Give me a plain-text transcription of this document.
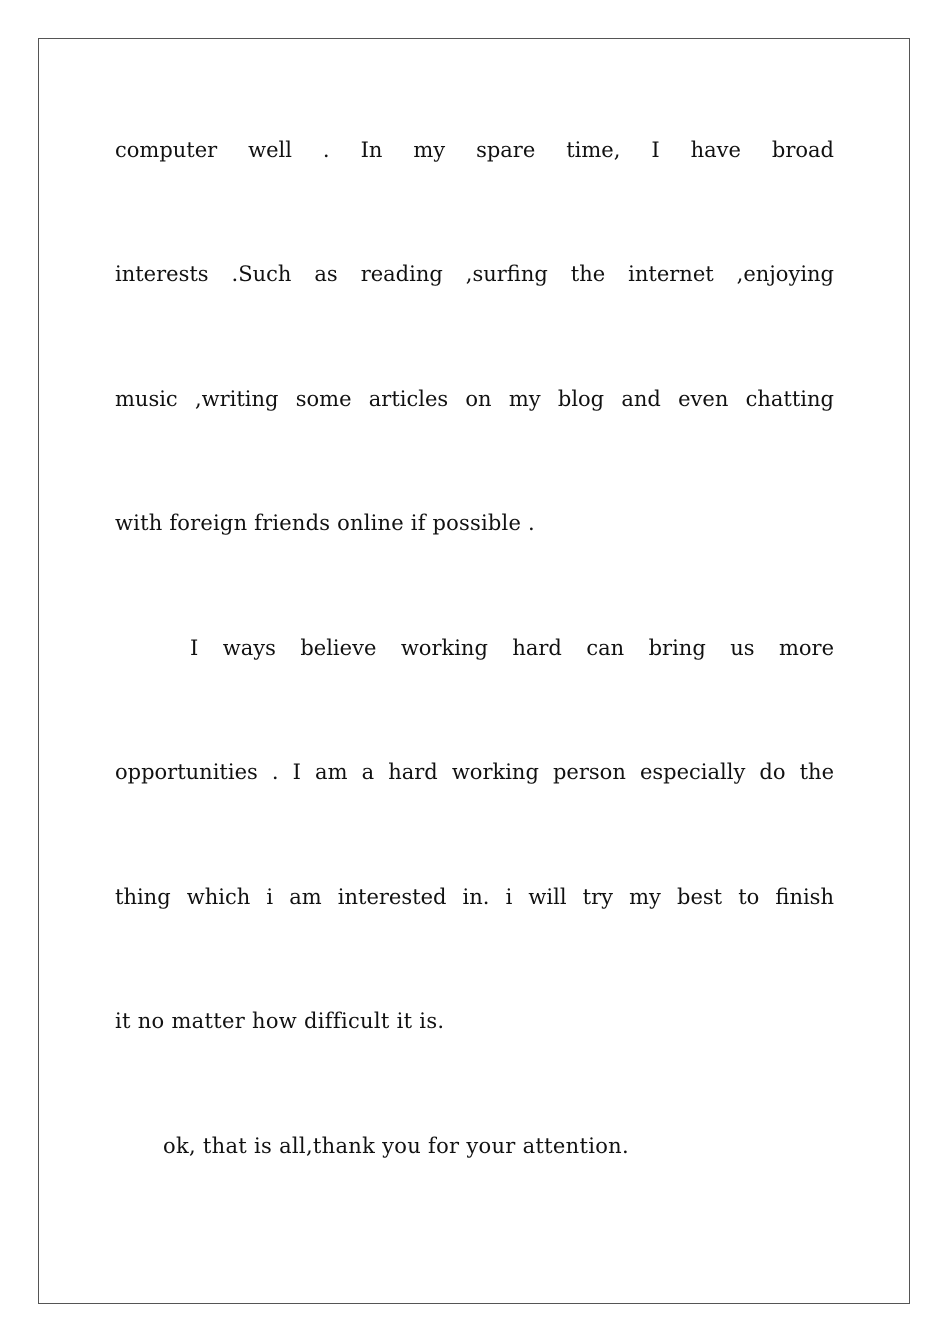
computer well . In my spare time, I have broad

interests .Such as reading ,surfing the internet ,enjoying

music ,writing some articles on my blog and even chatting

with foreign friends online if possible .

I ways believe working hard can bring us more

opportunities . I am a hard working person especially do the

thing which i am interested in. i will try my best to finish

it no matter how difficult it is.

ok, that is all,thank you for your attention.
